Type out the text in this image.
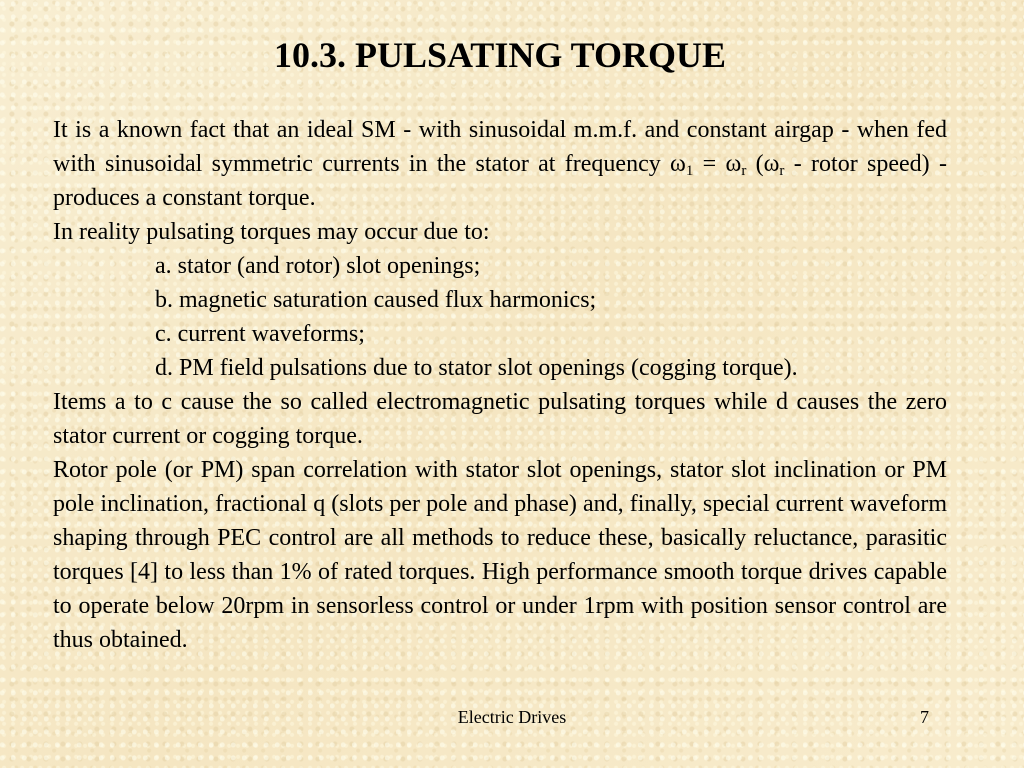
10.3. PULSATING TORQUE

It is a known fact that an ideal SM - with sinusoidal m.m.f. and constant airgap - when fed with sinusoidal symmetric currents in the stator at frequency $\omega_1 = \omega_r$ ($\omega_r$ - rotor speed) - produces a constant torque.

In reality pulsating torques may occur due to:

a. stator (and rotor) slot openings;

b. magnetic saturation caused flux harmonics;

c. current waveforms;

d. PM field pulsations due to stator slot openings (cogging torque).

Items a to c cause the so called electromagnetic pulsating torques while d causes the zero stator current or cogging torque.

Rotor pole (or PM) span correlation with stator slot openings, stator slot inclination or PM pole inclination, fractional q (slots per pole and phase) and, finally, special current waveform shaping through PEC control are all methods to reduce these, basically reluctance, parasitic torques [4] to less than 1% of rated torques. High performance smooth torque drives capable to operate below 20rpm in sensorless control or under 1rpm with position sensor control are thus obtained.

Electric Drives	7
